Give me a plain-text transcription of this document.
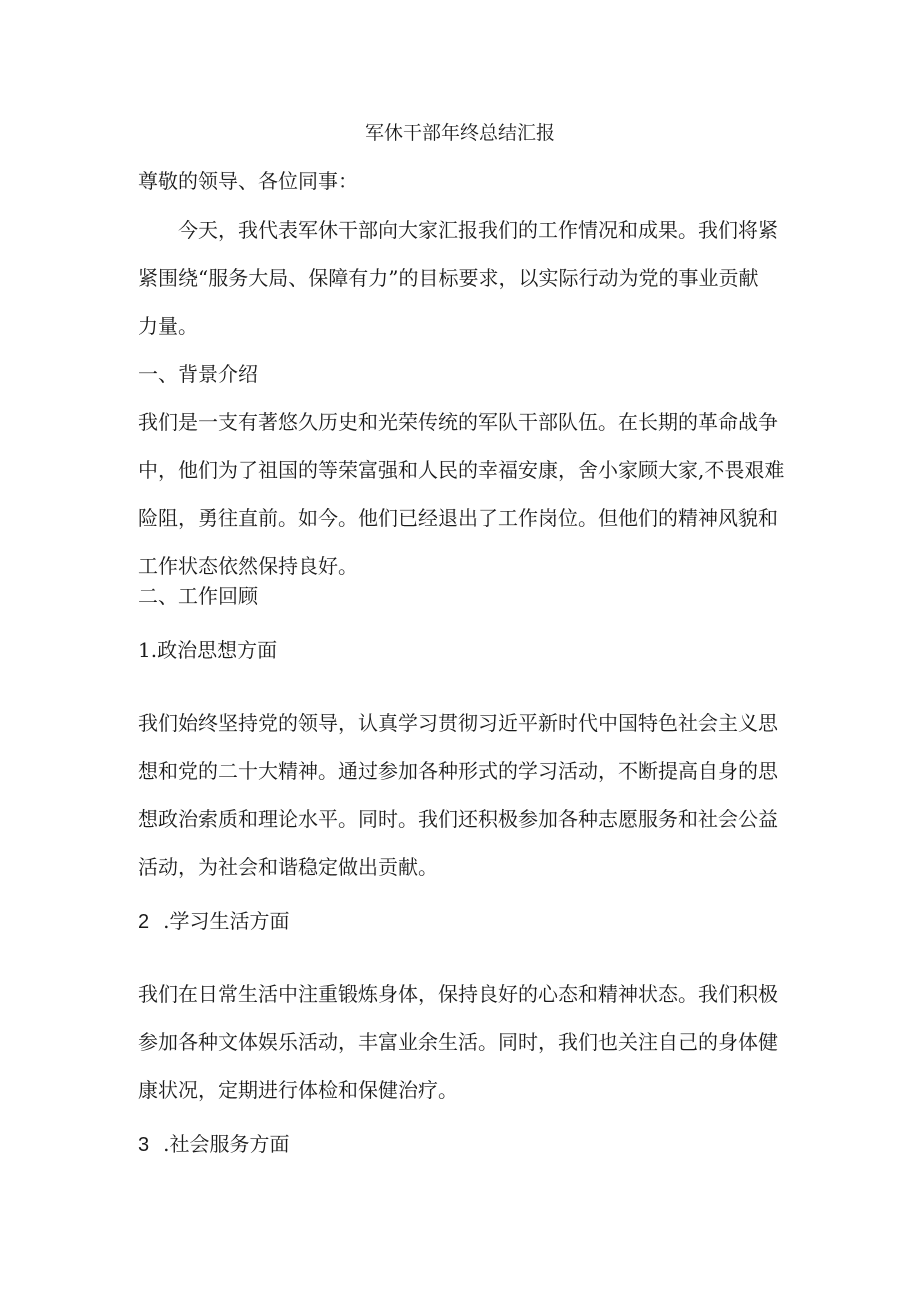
军休干部年终总结汇报

尊敬的领导、各位同事：

今天，我代表军休干部向大家汇报我们的工作情况和成果。我们将紧

紧围绕“服务大局、保障有力”的目标要求，以实际行动为党的事业贡献

力量。

一、背景介绍

我们是一支有著悠久历史和光荣传统的军队干部队伍。在长期的革命战争

中，他们为了祖国的等荣富强和人民的幸福安康，舍小家顾大家,不畏艰难

险阻，勇往直前。如今。他们已经退出了工作岗位。但他们的精神风貌和

工作状态依然保持良好。

二、工作回顾

1.政治思想方面

我们始终坚持党的领导，认真学习贯彻习近平新时代中国特色社会主义思

想和党的二十大精神。通过参加各种形式的学习活动，不断提高自身的思

想政治索质和理论水平。同时。我们还积极参加各种志愿服务和社会公益

活动，为社会和谐稳定做出贡献。

2 .学习生活方面

我们在日常生活中注重锻炼身体，保持良好的心态和精神状态。我们积极

参加各种文体娱乐活动，丰富业余生活。同时，我们也关注自己的身体健

康状况，定期进行体检和保健治疗。

3 .社会服务方面
